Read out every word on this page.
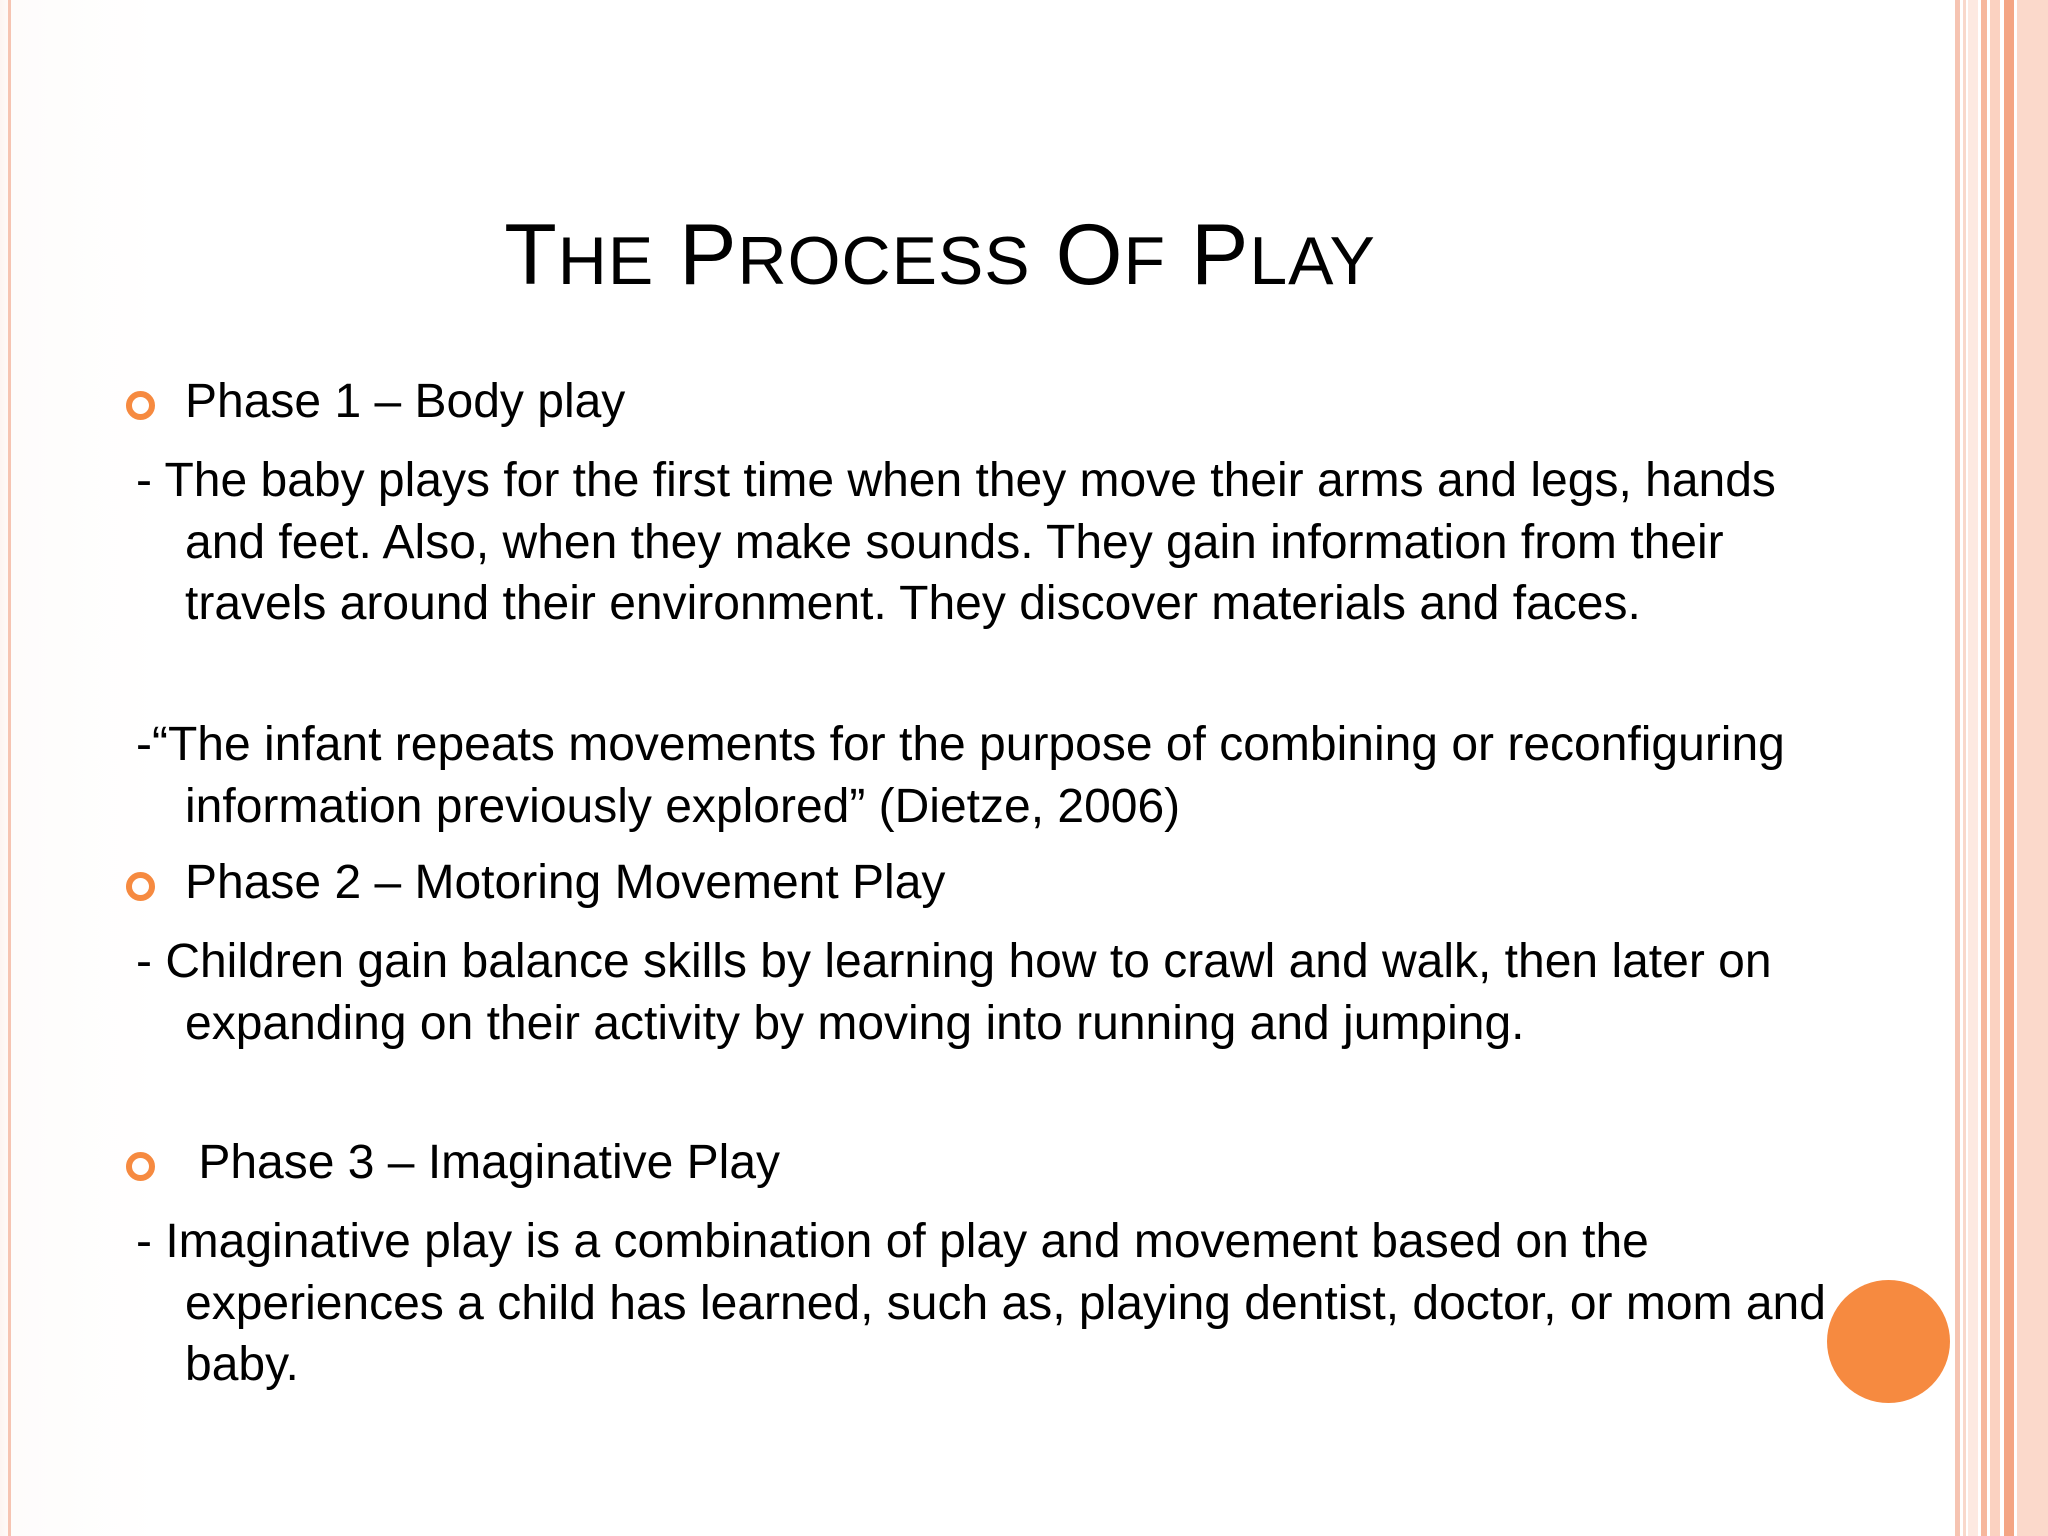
THE PROCESS OF PLAY
Phase 1 – Body play

- The baby plays for the first time when they move their arms and legs, hands and feet. Also, when they make sounds. They gain information from their travels around their environment. They discover materials and faces.

-“The infant repeats movements for the purpose of combining or reconfiguring information previously explored” (Dietze, 2006)

Phase 2 – Motoring Movement Play

- Children gain balance skills by learning how to crawl and walk, then later on expanding on their activity by moving into running and jumping.

Phase 3 – Imaginative Play

- Imaginative play is a combination of play and movement based on the experiences a child has learned, such as, playing dentist, doctor, or mom and baby.
